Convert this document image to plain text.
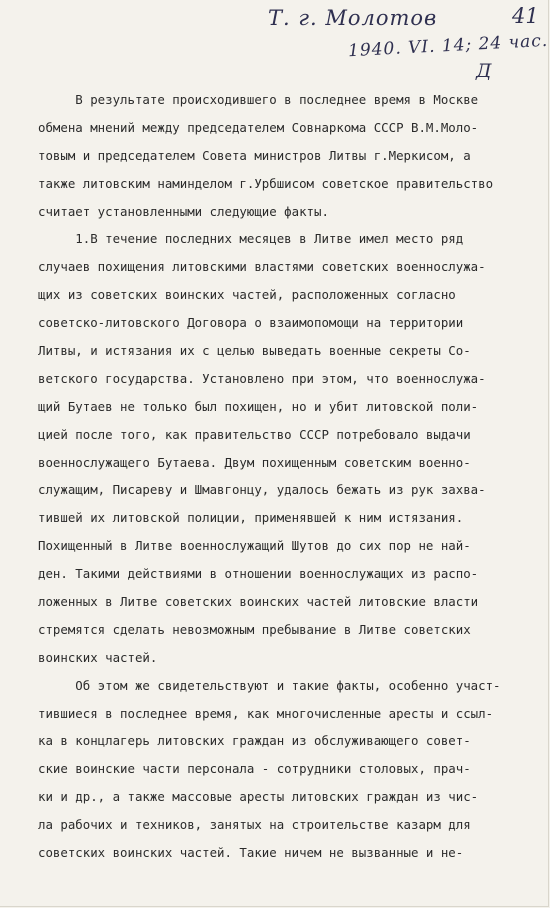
Т. г. Молотов	41
1940. VI. 14; 24 час.
Д
В результате происходившего в последнее время в Москве
обмена мнений между председателем Совнаркома СССР В.М.Моло-
товым и председателем Совета министров Литвы г.Меркисом, а
также литовским наминделом г.Урбшисом советское правительство
считает установленными следующие факты.
1.В течение последних месяцев в Литве имел место ряд
случаев похищения литовскими властями советских военнослужа-
щих из советских воинских частей, расположенных согласно
советско-литовского Договора о взаимопомощи на территории
Литвы, и истязания их с целью выведать военные секреты Со-
ветского государства. Установлено при этом, что военнослужа-
щий Бутаев не только был похищен, но и убит литовской поли-
цией после того, как правительство СССР потребовало выдачи
военнослужащего Бутаева. Двум похищенным советским военно-
служащим, Писареву и Шмавгонцу, удалось бежать из рук захва-
тившей их литовской полиции, применявшей к ним истязания.
Похищенный в Литве военнослужащий Шутов до сих пор не най-
ден. Такими действиями в отношении военнослужащих из распо-
ложенных в Литве советских воинских частей литовские власти
стремятся сделать невозможным пребывание в Литве советских
воинских частей.
Об этом же свидетельствуют и такие факты, особенно участ-
тившиеся в последнее время, как многочисленные аресты и ссыл-
ка в концлагерь литовских граждан из обслуживающего совет-
ские воинские части персонала - сотрудники столовых, прач-
ки и др., а также массовые аресты литовских граждан из чис-
ла рабочих и техников, занятых на строительстве казарм для
советских воинских частей. Такие ничем не вызванные и не-
